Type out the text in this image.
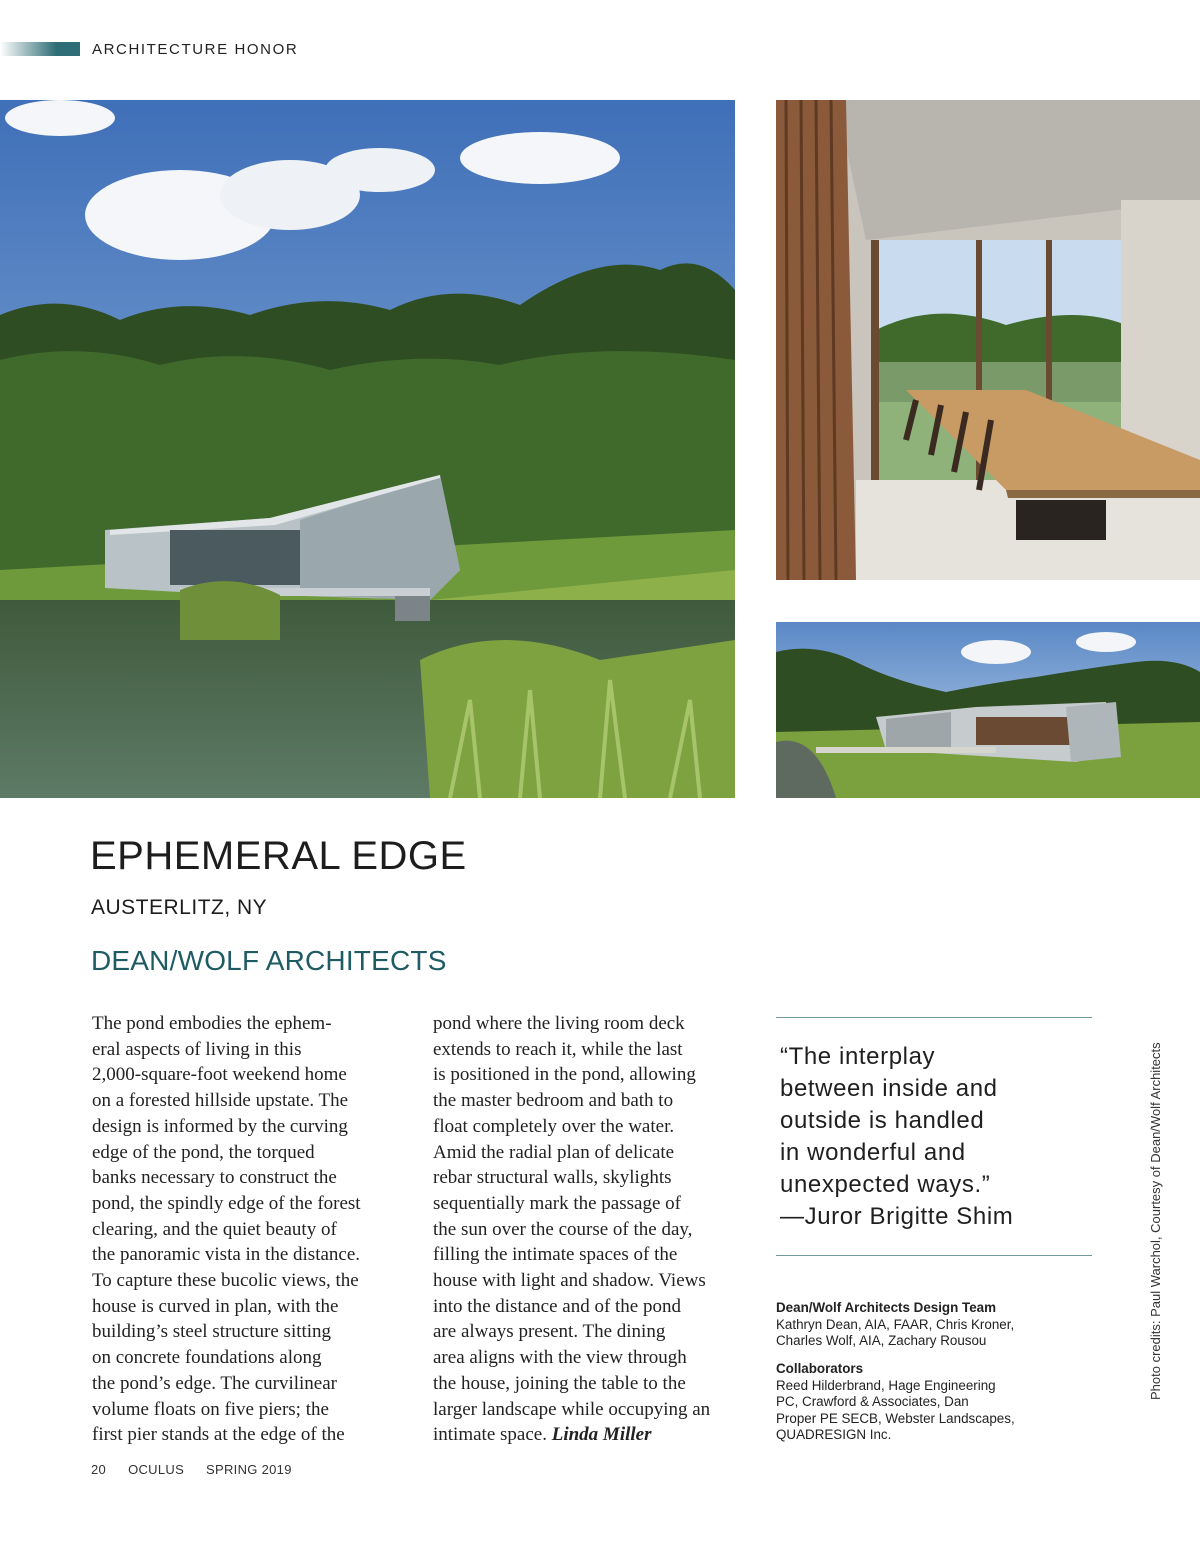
ARCHITECTURE HONOR
EPHEMERAL EDGE
AUSTERLITZ, NY
DEAN/WOLF ARCHITECTS
The pond embodies the ephem-
eral aspects of living in this
2,000-square-foot weekend home
on a forested hillside upstate. The
design is informed by the curving
edge of the pond, the torqued
banks necessary to construct the
pond, the spindly edge of the forest
clearing, and the quiet beauty of
the panoramic vista in the distance.
To capture these bucolic views, the
house is curved in plan, with the
building’s steel structure sitting
on concrete foundations along
the pond’s edge. The curvilinear
volume floats on five piers; the
first pier stands at the edge of the
pond where the living room deck
extends to reach it, while the last
is positioned in the pond, allowing
the master bedroom and bath to
float completely over the water.
Amid the radial plan of delicate
rebar structural walls, skylights
sequentially mark the passage of
the sun over the course of the day,
filling the intimate spaces of the
house with light and shadow. Views
into the distance and of the pond
are always present. The dining
area aligns with the view through
the house, joining the table to the
larger landscape while occupying an
intimate space. Linda Miller
“The interplay
between inside and
outside is handled
in wonderful and
unexpected ways.”
—Juror Brigitte Shim
Dean/Wolf Architects Design Team
Kathryn Dean, AIA, FAAR, Chris Kroner,
Charles Wolf, AIA, Zachary Rousou
Collaborators
Reed Hilderbrand, Hage Engineering
PC, Crawford & Associates, Dan
Proper PE SECB, Webster Landscapes,
QUADRESIGN Inc.
Photo credits: Paul Warchol, Courtesy of Dean/Wolf Architects
20 OCULUS SPRING 2019
